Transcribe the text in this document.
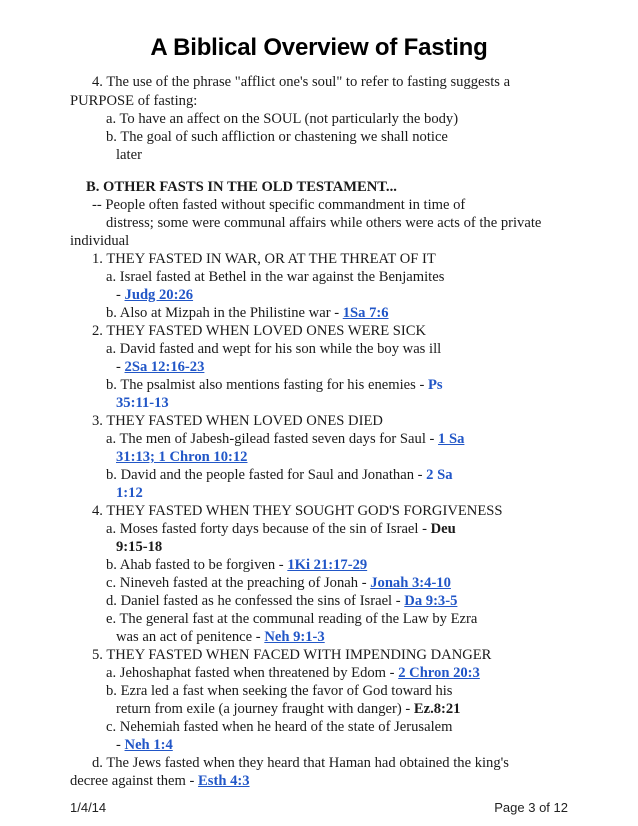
A Biblical Overview of Fasting
4. The use of the phrase "afflict one's soul" to refer to fasting suggests a
PURPOSE of fasting:
a. To have an affect on the SOUL (not particularly the body)
b. The goal of such affliction or chastening we shall notice
later
B. OTHER FASTS IN THE OLD TESTAMENT...
-- People often fasted without specific commandment in time of
distress; some were communal affairs while others were acts of the private
individual
1. THEY FASTED IN WAR, OR AT THE THREAT OF IT
a. Israel fasted at Bethel in the war against the Benjamites
- Judg 20:26
b. Also at Mizpah in the Philistine war - 1Sa 7:6
2. THEY FASTED WHEN LOVED ONES WERE SICK
a. David fasted and wept for his son while the boy was ill
- 2Sa 12:16-23
b. The psalmist also mentions fasting for his enemies - Ps
35:11-13
3. THEY FASTED WHEN LOVED ONES DIED
a. The men of Jabesh-gilead fasted seven days for Saul - 1 Sa
31:13; 1 Chron 10:12
b. David and the people fasted for Saul and Jonathan - 2 Sa
1:12
4. THEY FASTED WHEN THEY SOUGHT GOD'S FORGIVENESS
a. Moses fasted forty days because of the sin of Israel - Deu
9:15-18
b. Ahab fasted to be forgiven - 1Ki 21:17-29
c. Nineveh fasted at the preaching of Jonah - Jonah 3:4-10
d. Daniel fasted as he confessed the sins of Israel - Da 9:3-5
e. The general fast at the communal reading of the Law by Ezra
was an act of penitence - Neh 9:1-3
5. THEY FASTED WHEN FACED WITH IMPENDING DANGER
a. Jehoshaphat fasted when threatened by Edom - 2 Chron 20:3
b. Ezra led a fast when seeking the favor of God toward his
return from exile (a journey fraught with danger) - Ez.8:21
c. Nehemiah fasted when he heard of the state of Jerusalem
- Neh 1:4
d. The Jews fasted when they heard that Haman had obtained the king's
decree against them - Esth 4:3
1/4/14	Page 3 of 12
